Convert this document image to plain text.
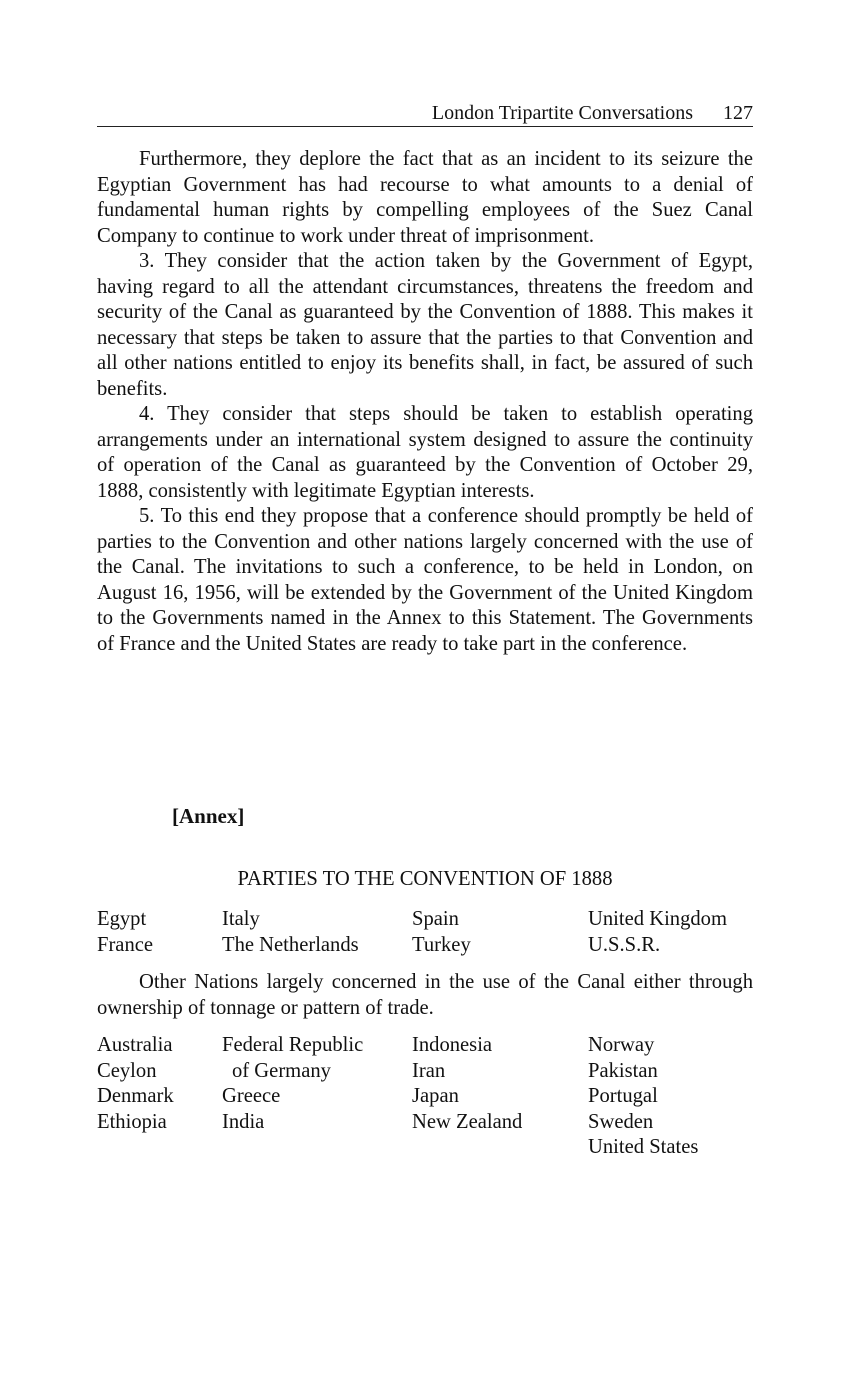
London Tripartite Conversations 127

Furthermore, they deplore the fact that as an incident to its seizure the Egyptian Government has had recourse to what amounts to a denial of fundamental human rights by compelling employees of the Suez Canal Company to continue to work under threat of imprisonment.

3. They consider that the action taken by the Government of Egypt, having regard to all the attendant circumstances, threatens the freedom and security of the Canal as guaranteed by the Convention of 1888. This makes it necessary that steps be taken to assure that the parties to that Convention and all other nations entitled to enjoy its benefits shall, in fact, be assured of such benefits.

4. They consider that steps should be taken to establish operating arrangements under an international system designed to assure the continuity of operation of the Canal as guaranteed by the Convention of October 29, 1888, consistently with legitimate Egyptian interests.

5. To this end they propose that a conference should promptly be held of parties to the Convention and other nations largely concerned with the use of the Canal. The invitations to such a conference, to be held in London, on August 16, 1956, will be extended by the Government of the United Kingdom to the Governments named in the Annex to this Statement. The Governments of France and the United States are ready to take part in the conference.

[Annex]
PARTIES TO THE CONVENTION OF 1888
Egypt
France
Italy
The Netherlands
Spain
Turkey
United Kingdom
U.S.S.R.

Other Nations largely concerned in the use of the Canal either through ownership of tonnage or pattern of trade.

Australia
Ceylon
Denmark
Ethiopia
Federal Republic
of Germany
Greece
India
Indonesia
Iran
Japan
New Zealand
Norway
Pakistan
Portugal
Sweden
United States
